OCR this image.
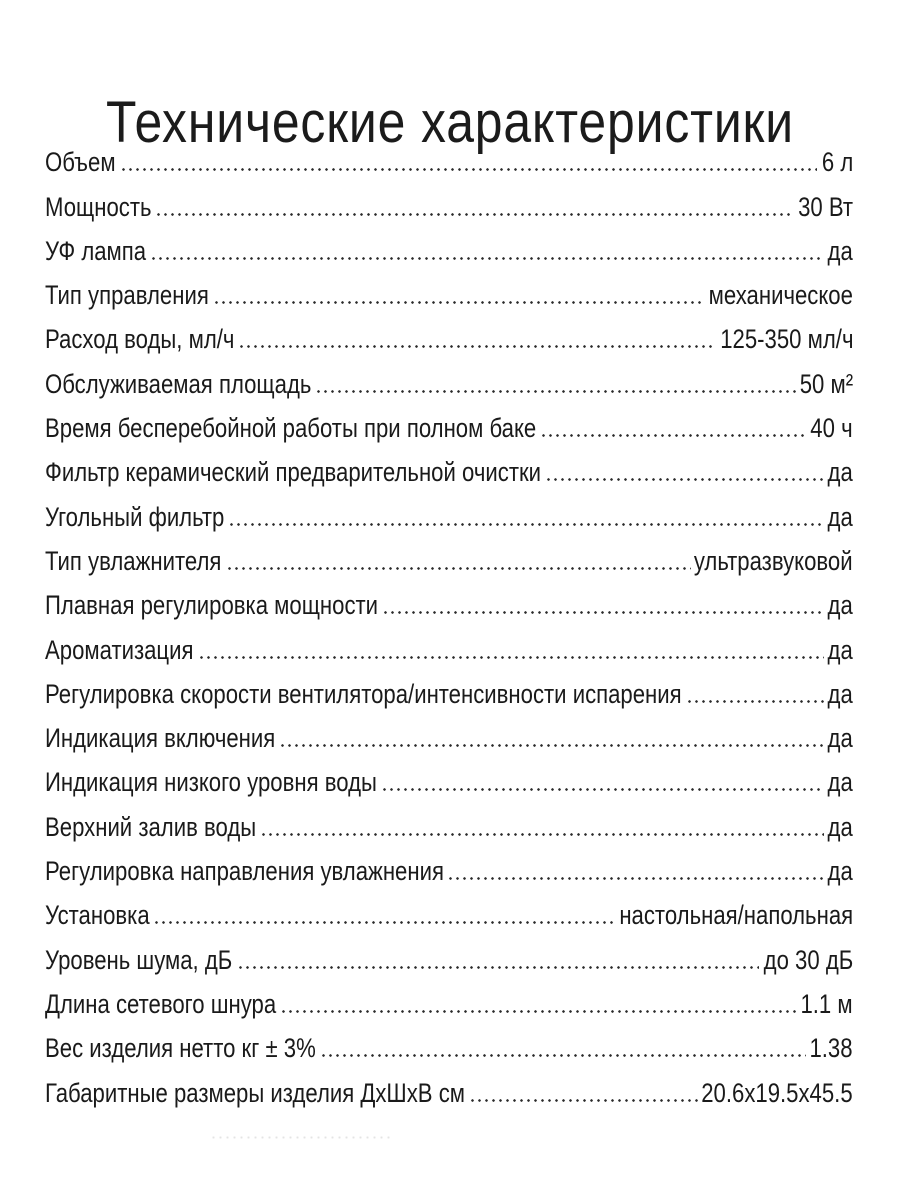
Технические характеристики
Объем	6 л
Мощность	30 Вт
УФ лампа	да
Тип управления	механическое
Расход воды, мл/ч	125-350 мл/ч
Обслуживаемая площадь	50 м²
Время бесперебойной работы при полном баке	40 ч
Фильтр керамический предварительной очистки	да
Угольный фильтр	да
Тип увлажнителя	ультразвуковой
Плавная регулировка мощности	да
Ароматизация	да
Регулировка скорости вентилятора/интенсивности испарения	да
Индикация включения	да
Индикация низкого уровня воды	да
Верхний залив воды	да
Регулировка направления увлажнения	да
Установка	настольная/напольная
Уровень шума, дБ	до 30 дБ
Длина сетевого шнура	1.1 м
Вес изделия нетто кг ± 3%	1.38
Габаритные размеры изделия ДхШхВ см	20.6x19.5x45.5
